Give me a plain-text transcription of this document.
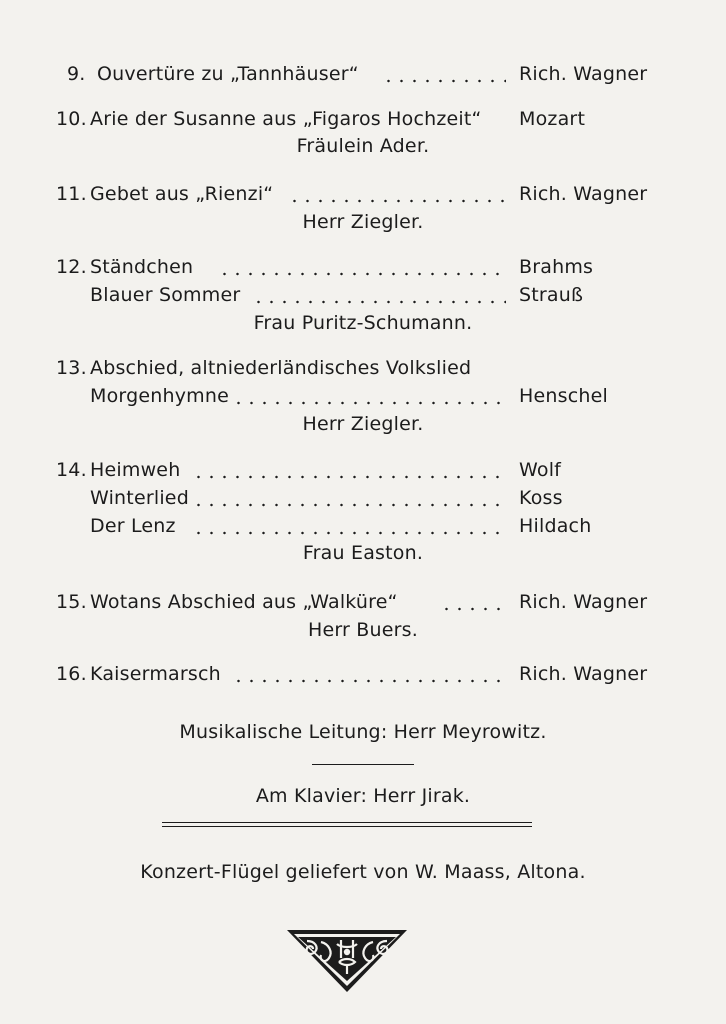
9. Ouvertüre zu „Tannhäuser“	Rich. Wagner
10. Arie der Susanne aus „Figaros Hochzeit“ Mozart
Fräulein Ader.
11. Gebet aus „Rienzi“	Rich. Wagner
Herr Ziegler.
12. Ständchen	Brahms
Blauer Sommer	Strauß
Frau Puritz-Schumann.
13. Abschied, altniederländisches Volkslied
Morgenhymne	Henschel
Herr Ziegler.
14. Heimweh	Wolf
Winterlied	Koss
Der Lenz	Hildach
Frau Easton.
15. Wotans Abschied aus „Walküre“	Rich. Wagner
Herr Buers.
16. Kaisermarsch	Rich. Wagner
Musikalische Leitung: Herr Meyrowitz.
Am Klavier: Herr Jirak.
Konzert-Flügel geliefert von W. Maass, Altona.
